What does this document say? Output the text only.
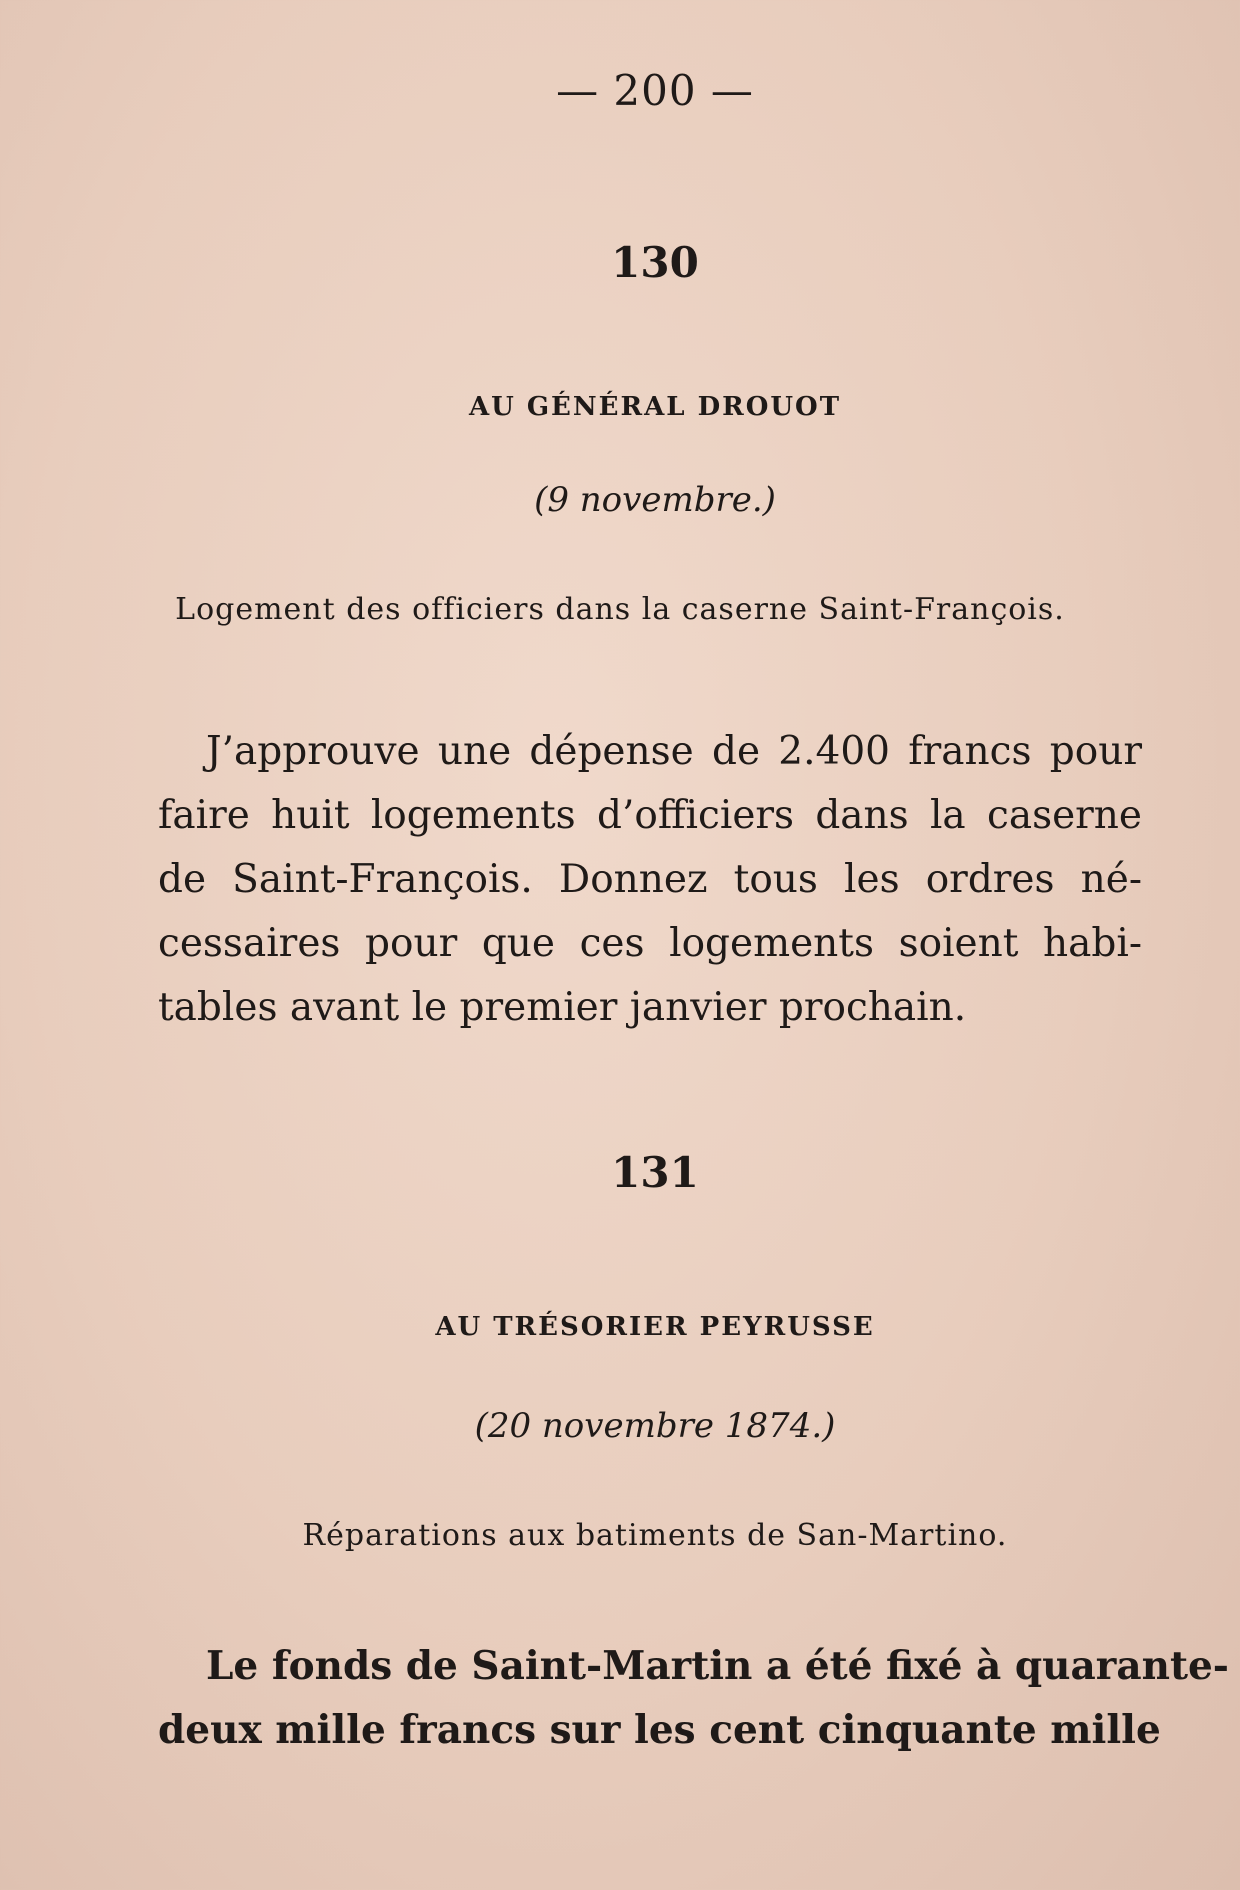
— 200 —
130
AU GÉNÉRAL DROUOT
(9 novembre.)
Logement des officiers dans la caserne Saint-François.
J’approuve une dépense de 2.400 francs pour
faire huit logements d’officiers dans la caserne
de Saint-François. Donnez tous les ordres né-
cessaires pour que ces logements soient habi-
tables avant le premier janvier prochain.
131
AU TRÉSORIER PEYRUSSE
(20 novembre 1874.)
Réparations aux batiments de San-Martino.
Le fonds de Saint-Martin a été fixé à quarante-
deux mille francs sur les cent cinquante mille
